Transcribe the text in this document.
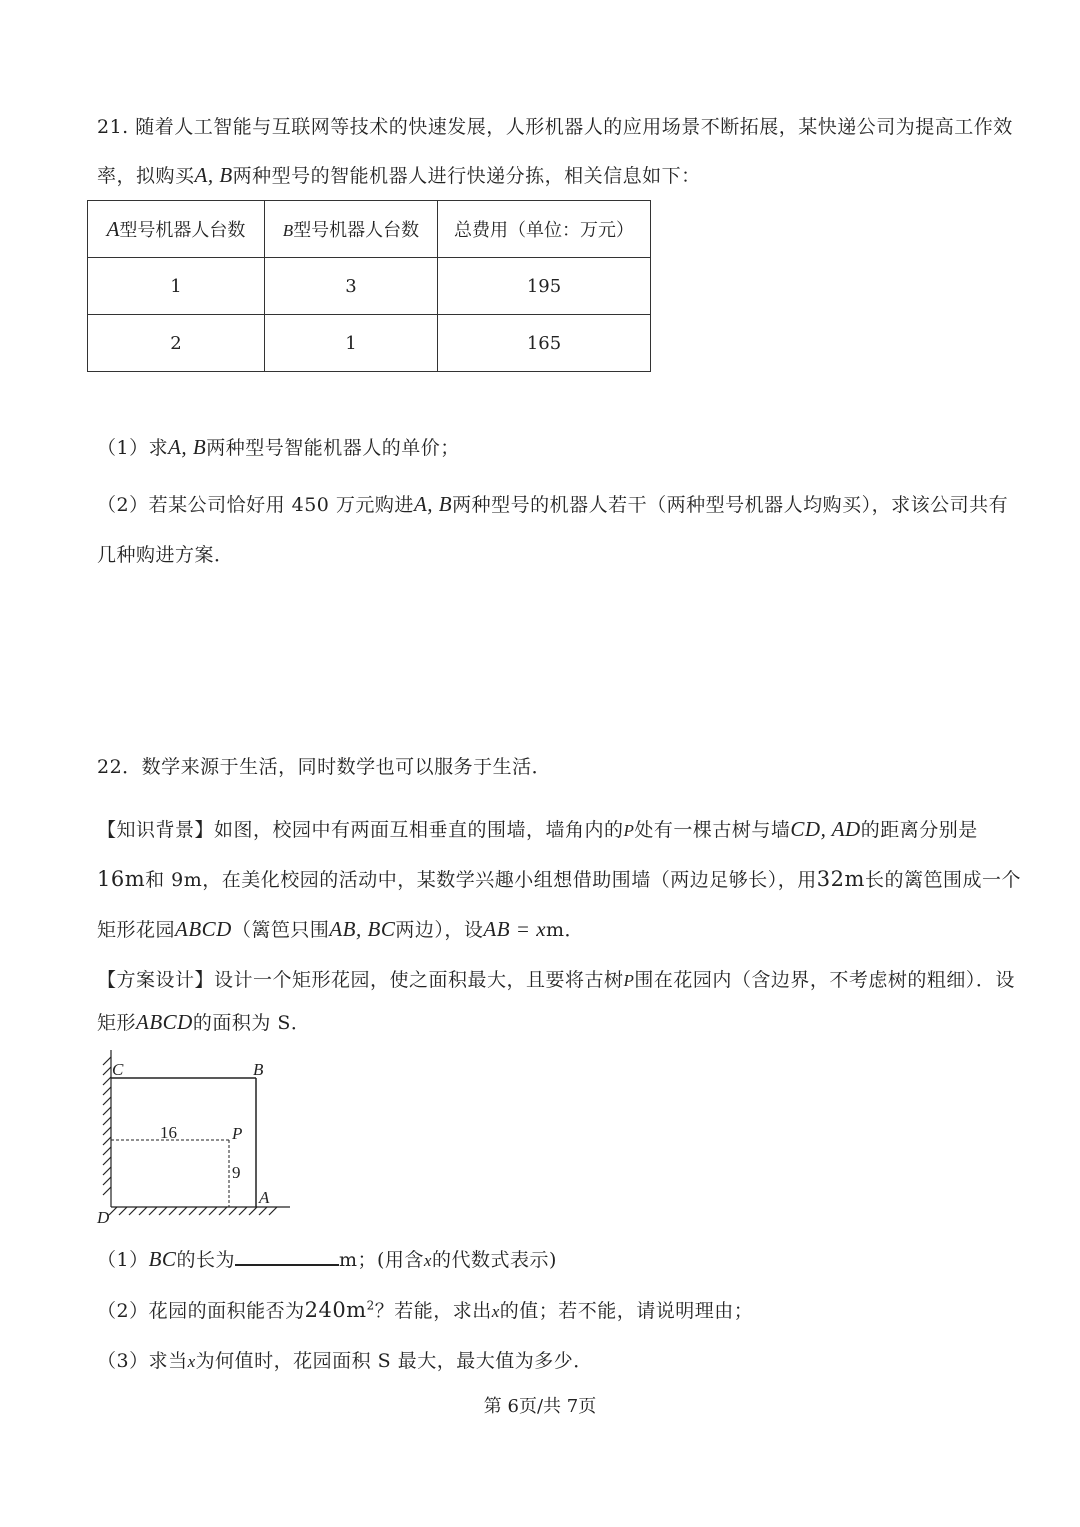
21. 随着人工智能与互联网等技术的快速发展，人形机器人的应用场景不断拓展，某快递公司为提高工作效
率，拟购买A, B两种型号的智能机器人进行快递分拣，相关信息如下：
A型号机器人台数	B型号机器人台数	总费用（单位：万元）
1	3	195
2	1	165
（1）求A, B两种型号智能机器人的单价；
（2）若某公司恰好用 450 万元购进A, B两种型号的机器人若干（两种型号机器人均购买），求该公司共有
几种购进方案．
22．数学来源于生活，同时数学也可以服务于生活．
【知识背景】如图，校园中有两面互相垂直的围墙，墙角内的P处有一棵古树与墙CD, AD的距离分别是
16m和 9m，在美化校园的活动中，某数学兴趣小组想借助围墙（两边足够长），用32m长的篱笆围成一个
矩形花园ABCD（篱笆只围AB, BC两边），设AB = xm．
【方案设计】设计一个矩形花园，使之面积最大，且要将古树P围在花园内（含边界，不考虑树的粗细）．设
矩形ABCD的面积为 S．
C	B
P
16
9
A
D
（1）BC的长为	m；(用含x的代数式表示)
（2）花园的面积能否为$240m^2$？若能，求出x的值；若不能，请说明理由；
（3）求当x为何值时，花园面积 S 最大，最大值为多少．
第 6页/共 7页
